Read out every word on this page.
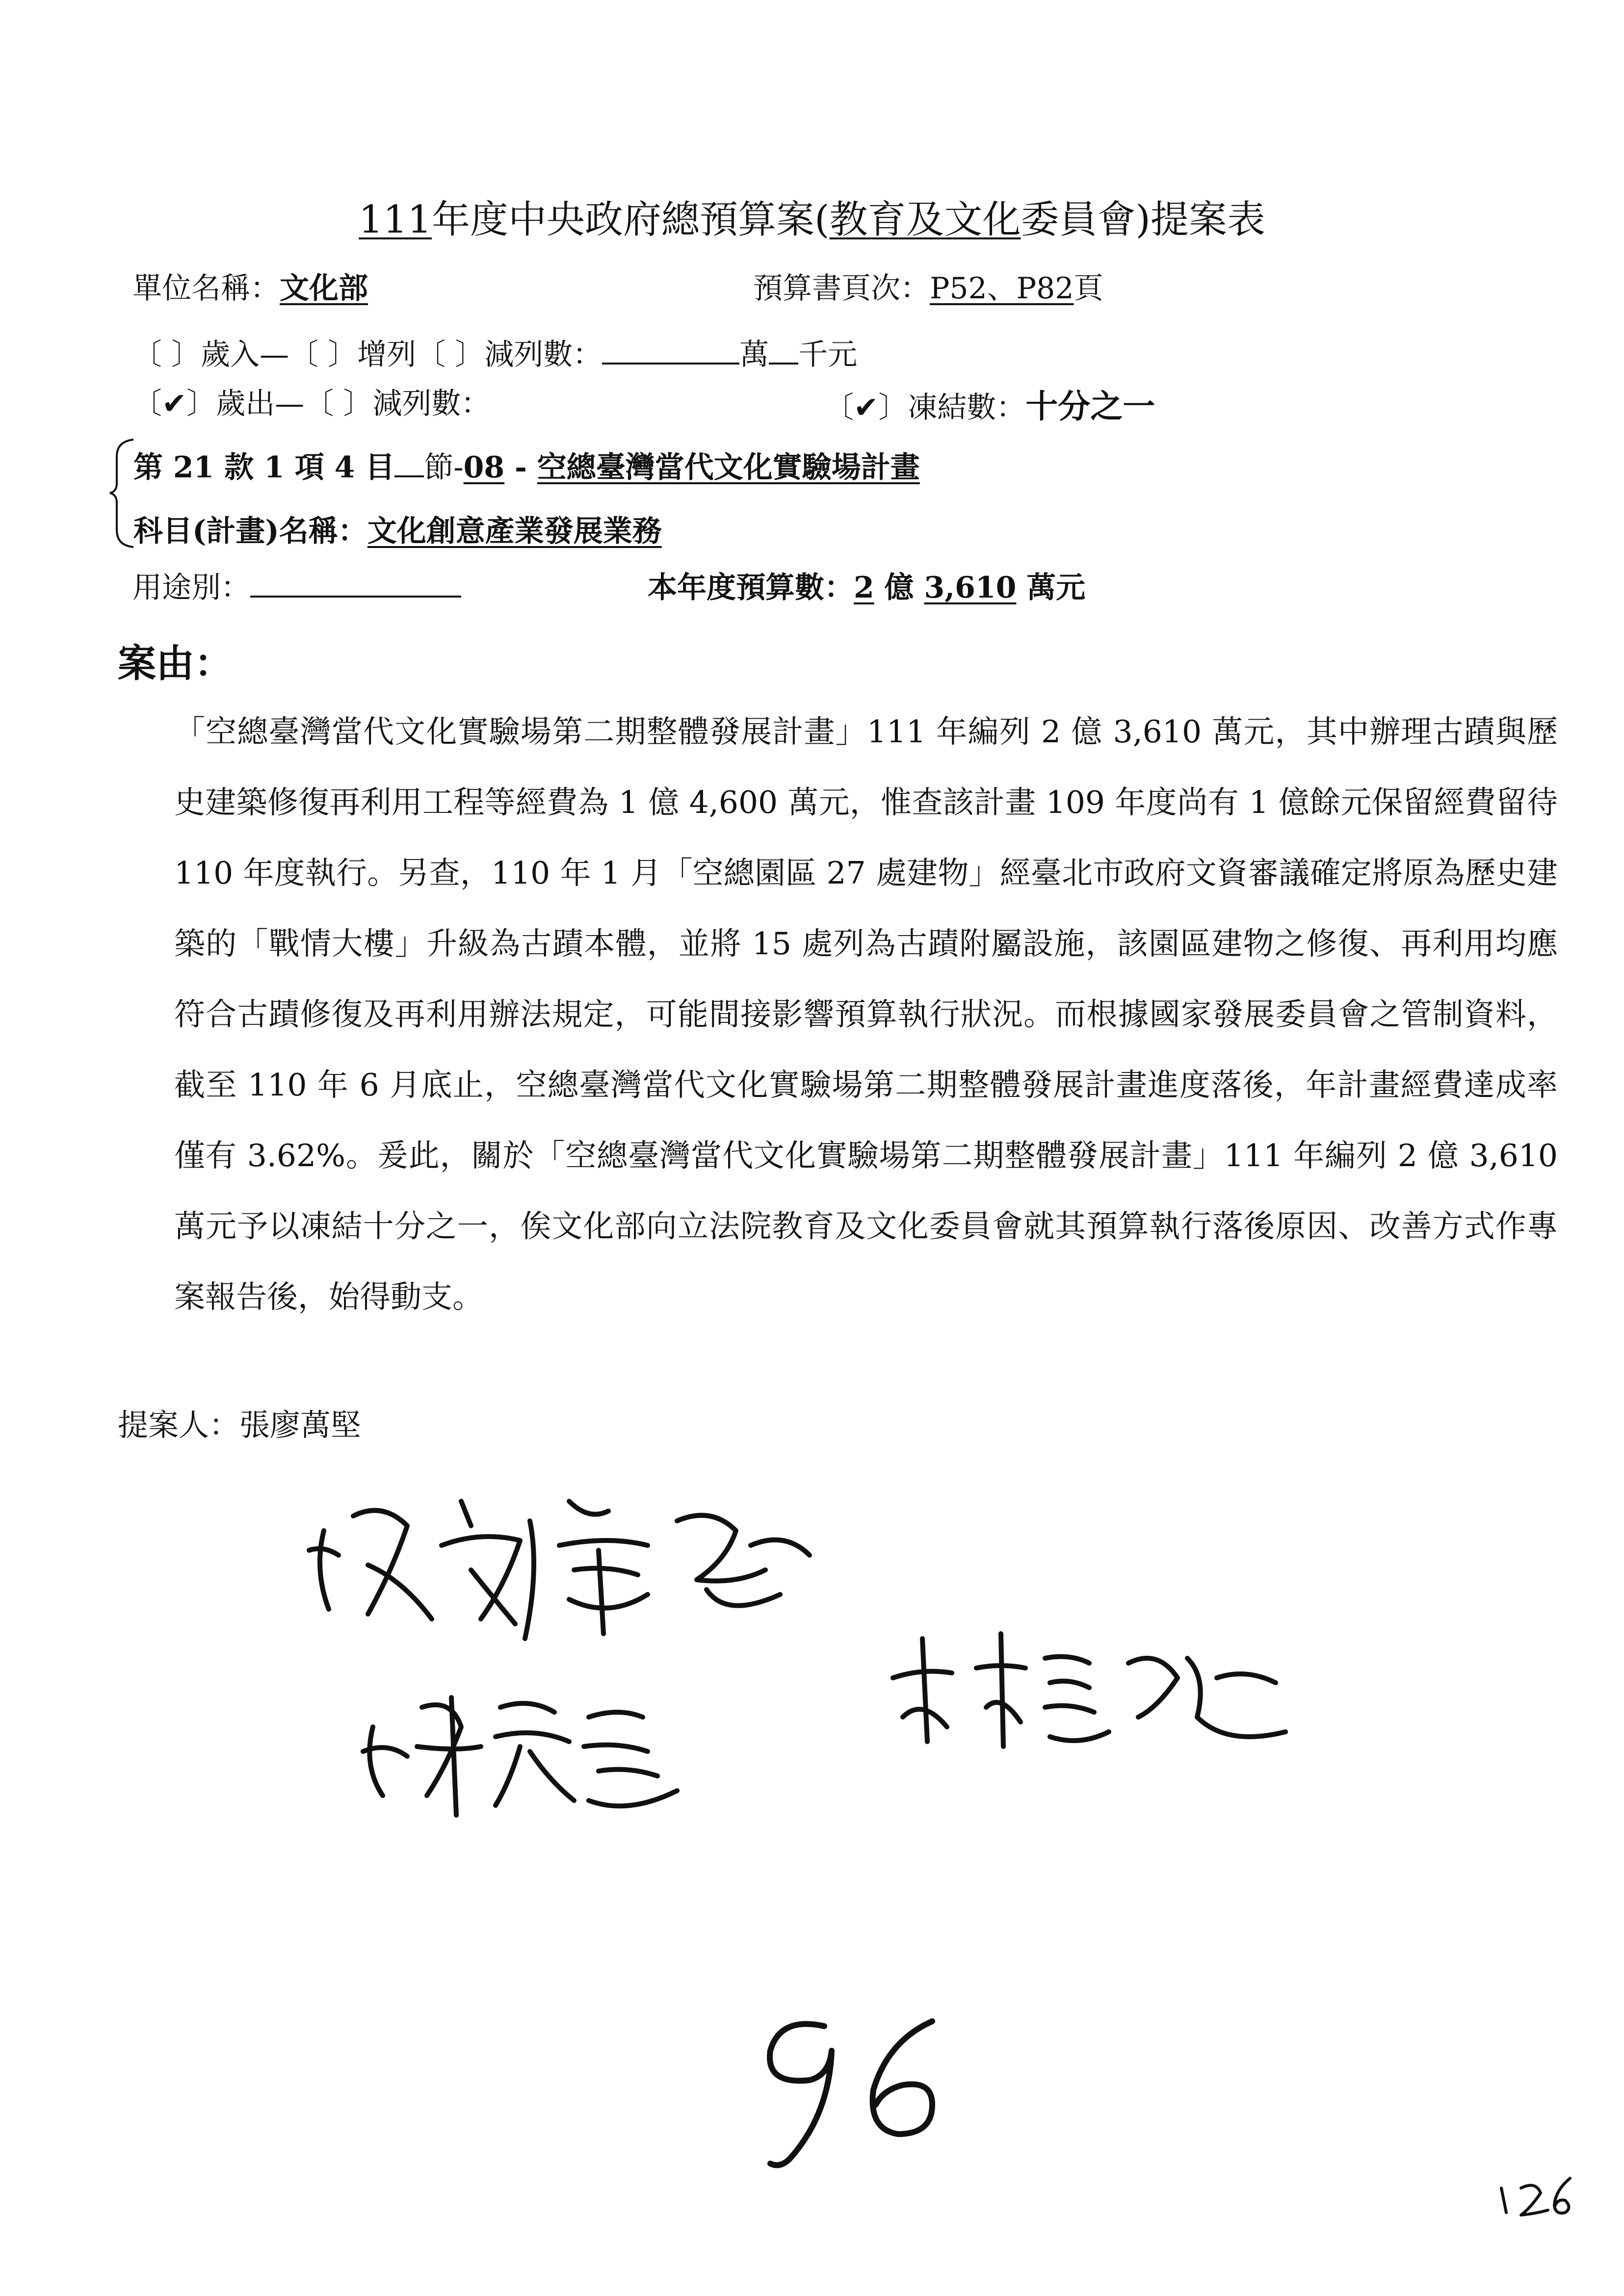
111年度中央政府總預算案(教育及文化委員會)提案表
單位名稱：文化部	預算書頁次：P52、P82頁
〔 〕歲入—〔 〕增列〔 〕減列數：	萬 千元
〔✔〕歲出—〔 〕減列數：	〔✔〕凍結數：十分之一
第 21 款 1 項 4 目 節-08 - 空總臺灣當代文化實驗場計畫
科目(計畫)名稱：文化創意產業發展業務
用途別：	本年度預算數：2 億 3,610 萬元
案由：
「空總臺灣當代文化實驗場第二期整體發展計畫」111 年編列 2 億 3,610 萬元，其中辦理古蹟與歷史建築修復再利用工程等經費為 1 億 4,600 萬元，惟查該計畫 109 年度尚有 1 億餘元保留經費留待 110 年度執行。另查，110 年 1 月「空總園區 27 處建物」經臺北市政府文資審議確定將原為歷史建築的「戰情大樓」升級為古蹟本體，並將 15 處列為古蹟附屬設施，該園區建物之修復、再利用均應符合古蹟修復及再利用辦法規定，可能間接影響預算執行狀況。而根據國家發展委員會之管制資料，截至 110 年 6 月底止，空總臺灣當代文化實驗場第二期整體發展計畫進度落後，年計畫經費達成率僅有 3.62%。爰此，關於「空總臺灣當代文化實驗場第二期整體發展計畫」111 年編列 2 億 3,610 萬元予以凍結十分之一，俟文化部向立法院教育及文化委員會就其預算執行落後原因、改善方式作專案報告後，始得動支。
提案人：張廖萬堅
